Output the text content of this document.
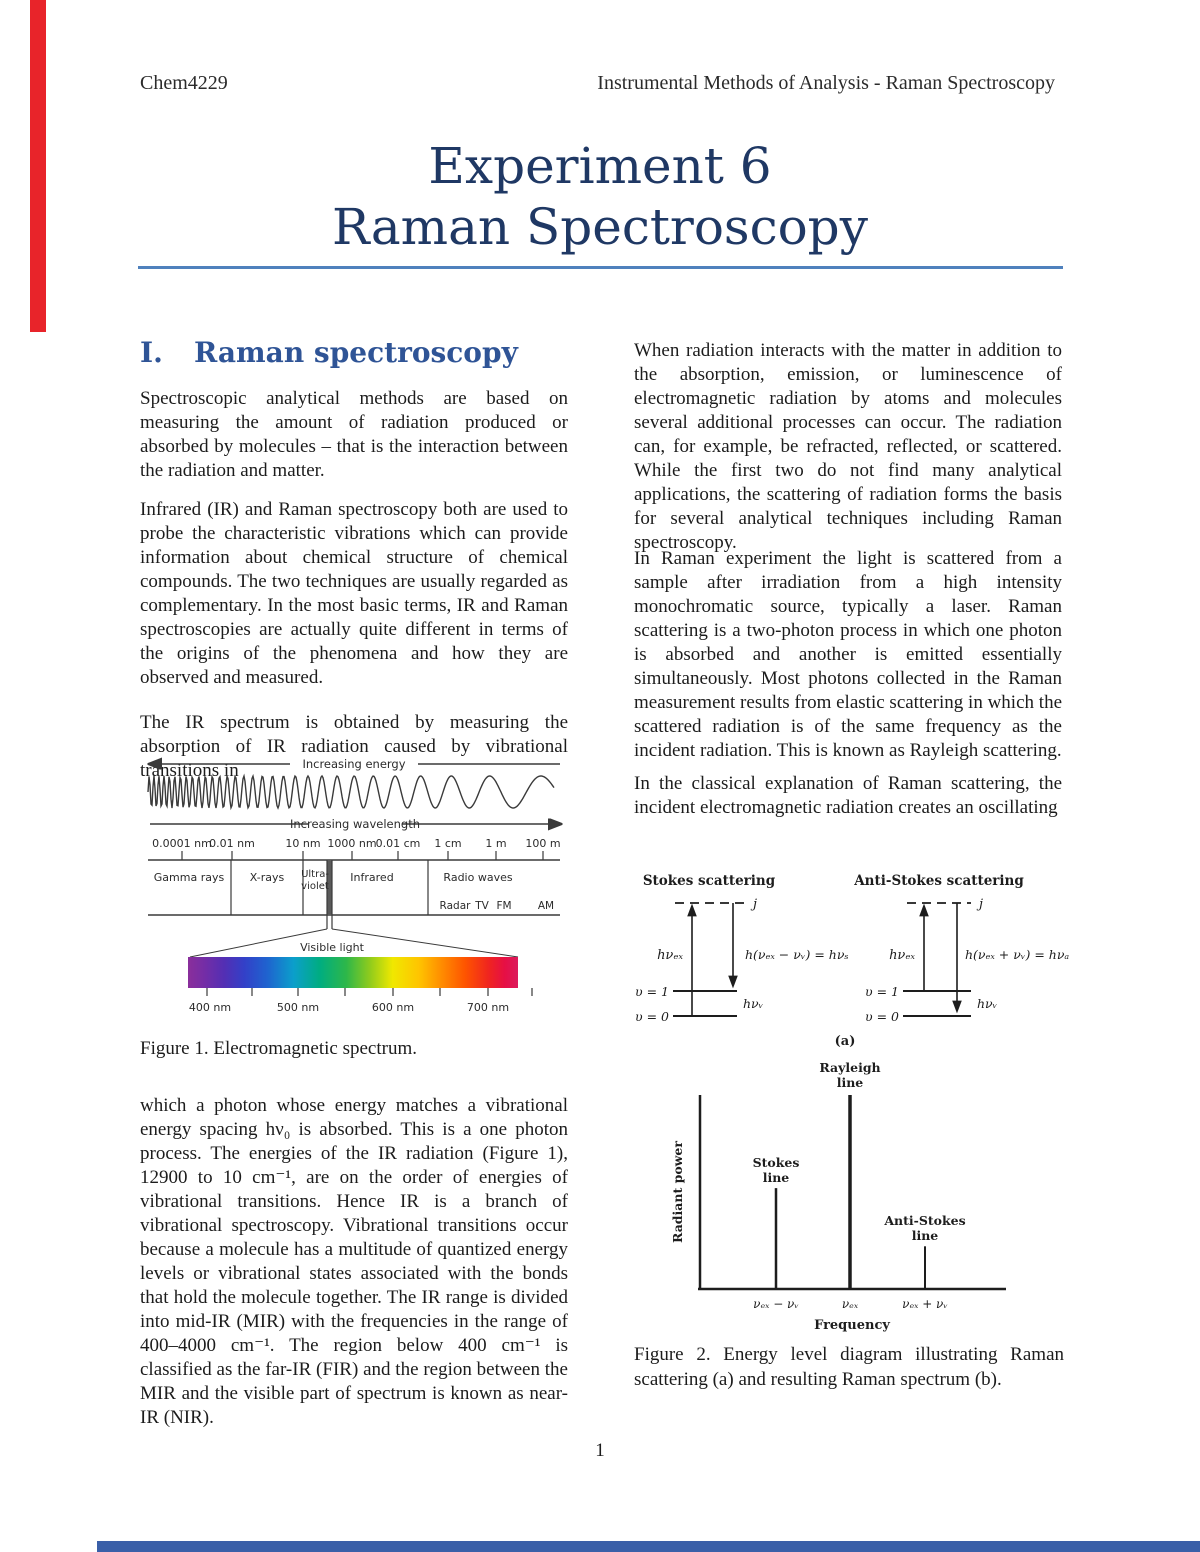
Chem4229	Instrumental Methods of Analysis - Raman Spectroscopy
Experiment 6
Raman Spectroscopy
I. Raman spectroscopy

Spectroscopic analytical methods are based on measuring the amount of radiation produced or absorbed by molecules – that is the interaction between the radiation and matter.

Infrared (IR) and Raman spectroscopy both are used to probe the characteristic vibrations which can provide information about chemical structure of chemical compounds. The two techniques are usually regarded as complementary. In the most basic terms, IR and Raman spectroscopies are actually quite different in terms of the origins of the phenomena and how they are observed and measured.

The IR spectrum is obtained by measuring the absorption of IR radiation caused by vibrational transitions in	Increasing energy
Increasing wavelength
0.0001 nm
0.01 nm	10 nm 1000 nm 0.01 cm 1 cm 1 m 100 m
Gamma rays X-rays Ultra-
violet
Infrared	Radio waves
Radar TV FM	AM
Visible light
400 nm	500 nm	600 nm	700 nm

Figure 1. Electromagnetic spectrum.

which a photon whose energy matches a vibrational energy spacing hν₀ is absorbed. This is a one photon process. The energies of the IR radiation (Figure 1), 12900 to 10 cm⁻¹, are on the order of energies of vibrational transitions. Hence IR is a branch of vibrational spectroscopy. Vibrational transitions occur because a molecule has a multitude of quantized energy levels or vibrational states associated with the bonds that hold the molecule together. The IR range is divided into mid-IR (MIR) with the frequencies in the range of 400–4000 cm⁻¹. The region below 400 cm⁻¹ is classified as the far-IR (FIR) and the region between the MIR and the visible part of spectrum is known as near-IR (NIR).

When radiation interacts with the matter in addition to the absorption, emission, or luminescence of electromagnetic radiation by atoms and molecules several additional processes can occur. The radiation can, for example, be refracted, reflected, or scattered. While the first two do not find many analytical applications, the scattering of radiation forms the basis for several analytical techniques including Raman spectroscopy.

In Raman experiment the light is scattered from a sample after irradiation from a high intensity monochromatic source, typically a laser. Raman scattering is a two-photon process in which one photon is absorbed and another is emitted essentially simultaneously. Most photons collected in the Raman measurement results from elastic scattering in which the scattered radiation is of the same frequency as the incident radiation. This is known as Rayleigh scattering.

In the classical explanation of Raman scattering, the incident electromagnetic radiation creates an oscillating

Stokes scattering
j
hνₑₓ	h(νₑₓ − νᵥ) = hνₛ
υ = 1
υ = 0
hνᵥ
Anti-Stokes scattering
j
hνₑₓ	h(νₑₓ + νᵥ) = hνₐ
υ = 1
υ = 0
hνᵥ
(a)
Rayleigh
line
Radiant power	Stokes
line
Anti-Stokes
line
νₑₓ − νᵥ	νₑₓ	νₑₓ + νᵥ
Frequency

Figure 2. Energy level diagram illustrating Raman scattering (a) and resulting Raman spectrum (b).

1
